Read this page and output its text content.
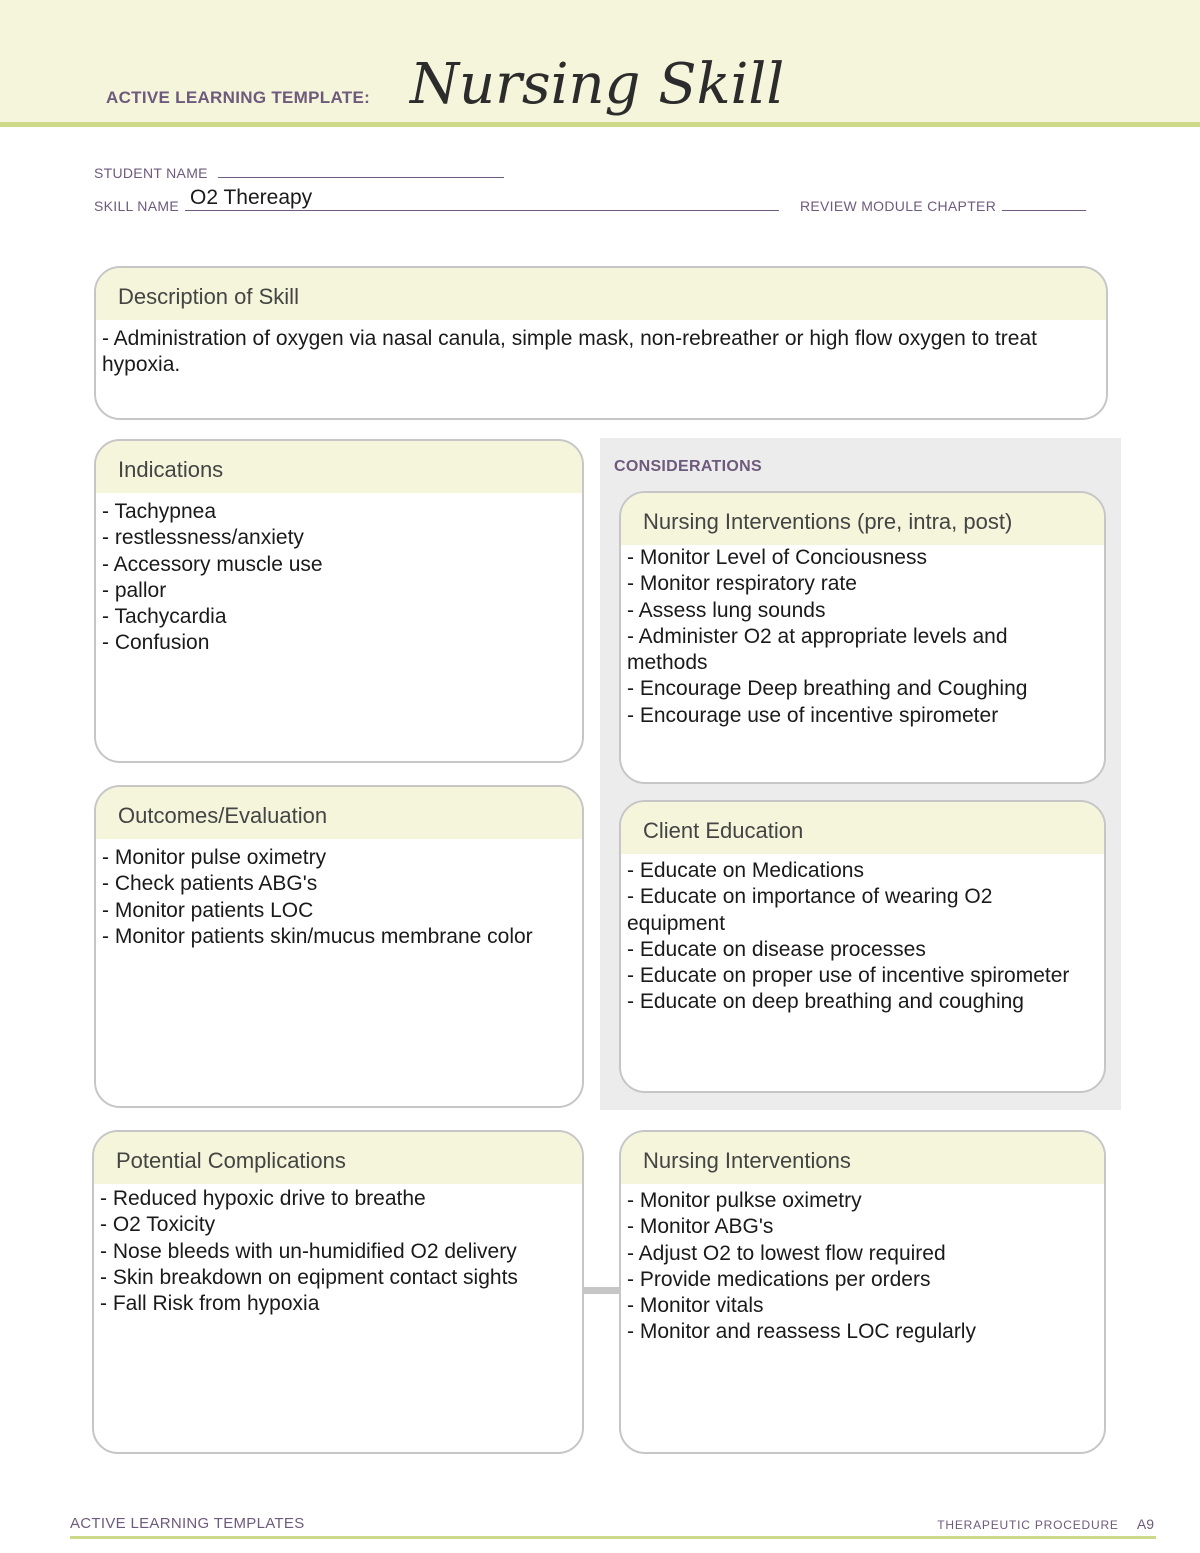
ACTIVE LEARNING TEMPLATE: Nursing Skill
STUDENT NAME
SKILL NAME O2 Thereapy	REVIEW MODULE CHAPTER
Description of Skill
- Administration of oxygen via nasal canula, simple mask, non-rebreather or high flow oxygen to treat hypoxia.
Indications
- Tachypnea
- restlessness/anxiety
- Accessory muscle use
- pallor
- Tachycardia
- Confusion
Outcomes/Evaluation
- Monitor pulse oximetry
- Check patients ABG's
- Monitor patients LOC
- Monitor patients skin/mucus membrane color
CONSIDERATIONS
Nursing Interventions (pre, intra, post)
- Monitor Level of Conciousness
- Monitor respiratory rate
- Assess lung sounds
- Administer O2 at appropriate levels and methods
- Encourage Deep breathing and Coughing
- Encourage use of incentive spirometer
Client Education
- Educate on Medications
- Educate on importance of wearing O2 equipment
- Educate on disease processes
- Educate on proper use of incentive spirometer
- Educate on deep breathing and coughing
Potential Complications
- Reduced hypoxic drive to breathe
- O2 Toxicity
- Nose bleeds with un-humidified O2 delivery
- Skin breakdown on eqipment contact sights
- Fall Risk from hypoxia
Nursing Interventions
- Monitor pulkse oximetry
- Monitor ABG's
- Adjust O2 to lowest flow required
- Provide medications per orders
- Monitor vitals
- Monitor and reassess LOC regularly
ACTIVE LEARNING TEMPLATES	THERAPEUTIC PROCEDURE A9
